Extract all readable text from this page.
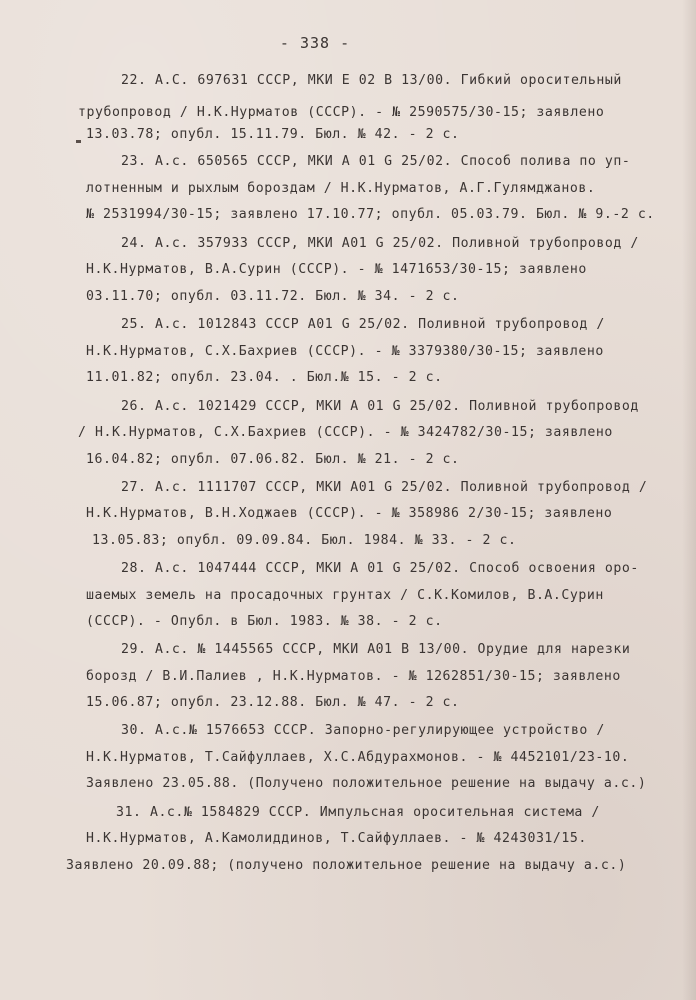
- 338 -
22. А.С. 697631 СССР, МКИ Е 02 В 13/00. Гибкий оросительный
трубопровод / Н.К.Нурматов (СССР). - № 2590575/30-15; заявлено
13.03.78; опубл. 15.11.79. Бюл. № 42. - 2 с.
23. А.с. 650565 СССР, МКИ А 01 G 25/02. Способ полива по уп-
лотненным и рыхлым бороздам / Н.К.Нурматов, А.Г.Гулямджанов.
№ 2531994/30-15; заявлено 17.10.77; опубл. 05.03.79. Бюл. № 9.-2 с.
24. А.с. 357933 СССР, МКИ А01 G 25/02. Поливной трубопровод /
Н.К.Нурматов, В.А.Сурин (СССР). - № 1471653/30-15; заявлено
03.11.70; опубл. 03.11.72. Бюл. № 34. - 2 с.
25. А.с. 1012843 СССР А01 G 25/02. Поливной трубопровод /
Н.К.Нурматов, С.Х.Бахриев (СССР). - № 3379380/30-15; заявлено
11.01.82; опубл. 23.04. . Бюл.№ 15. - 2 с.
26. А.с. 1021429 СССР, МКИ А 01 G 25/02. Поливной трубопровод
/ Н.К.Нурматов, С.Х.Бахриев (СССР). - № 3424782/30-15; заявлено
16.04.82; опубл. 07.06.82. Бюл. № 21. - 2 с.
27. А.с. 1111707 СССР, МКИ А01 G 25/02. Поливной трубопровод /
Н.К.Нурматов, В.Н.Ходжаев (СССР). - № 358986 2/30-15; заявлено
13.05.83; опубл. 09.09.84. Бюл. 1984. № 33. - 2 с.
28. А.с. 1047444 СССР, МКИ А 01 G 25/02. Способ освоения оро-
шаемых земель на просадочных грунтах / С.К.Комилов, В.А.Сурин
(СССР). - Опубл. в Бюл. 1983. № 38. - 2 с.
29. А.с. № 1445565 СССР, МКИ А01 В 13/00. Орудие для нарезки
борозд / В.И.Палиев , Н.К.Нурматов. - № 1262851/30-15; заявлено
15.06.87; опубл. 23.12.88. Бюл. № 47. - 2 с.
30. А.с.№ 1576653 СССР. Запорно-регулирующее устройство /
Н.К.Нурматов, Т.Сайфуллаев, Х.С.Абдурахмонов. - № 4452101/23-10.
Заявлено 23.05.88. (Получено положительное решение на выдачу а.с.)
31. А.с.№ 1584829 СССР. Импульсная оросительная система /
Н.К.Нурматов, А.Камолиддинов, Т.Сайфуллаев. - № 4243031/15.
Заявлено 20.09.88; (получено положительное решение на выдачу а.с.)
